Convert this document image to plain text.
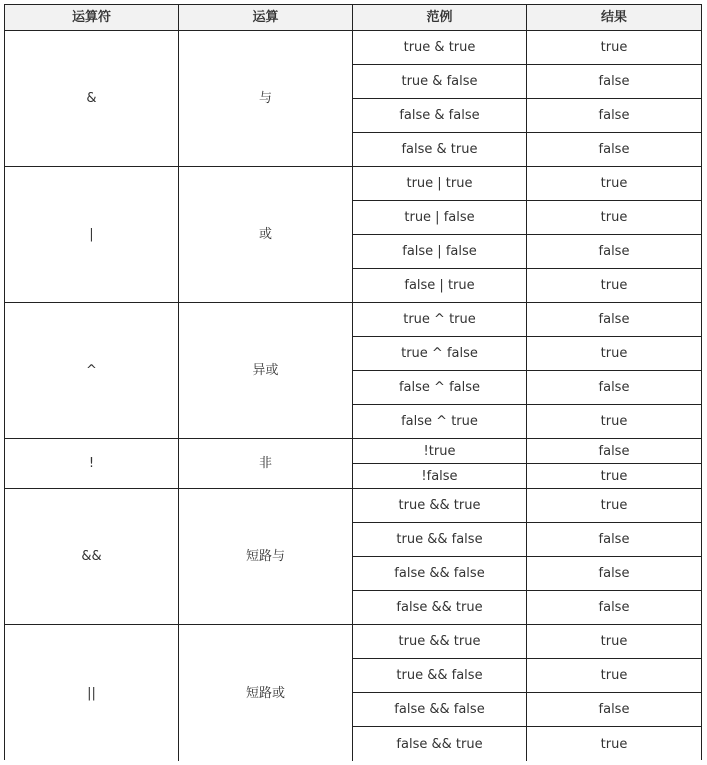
运算符	运算	范例	结果
&	与
true & true	true
true & false	false
false & false	false
false & true	false
|	或
true | true	true
true | false	true
false | false	false
false | true	true
^	异或
true ^ true	false
true ^ false	true
false ^ false	false
false ^ true	true
!	非
!true	false
!false	true
&&	短路与
true && true	true
true && false	false
false && false	false
false && true	false
||	短路或
true && true	true
true && false	true
false && false	false
false && true	true
